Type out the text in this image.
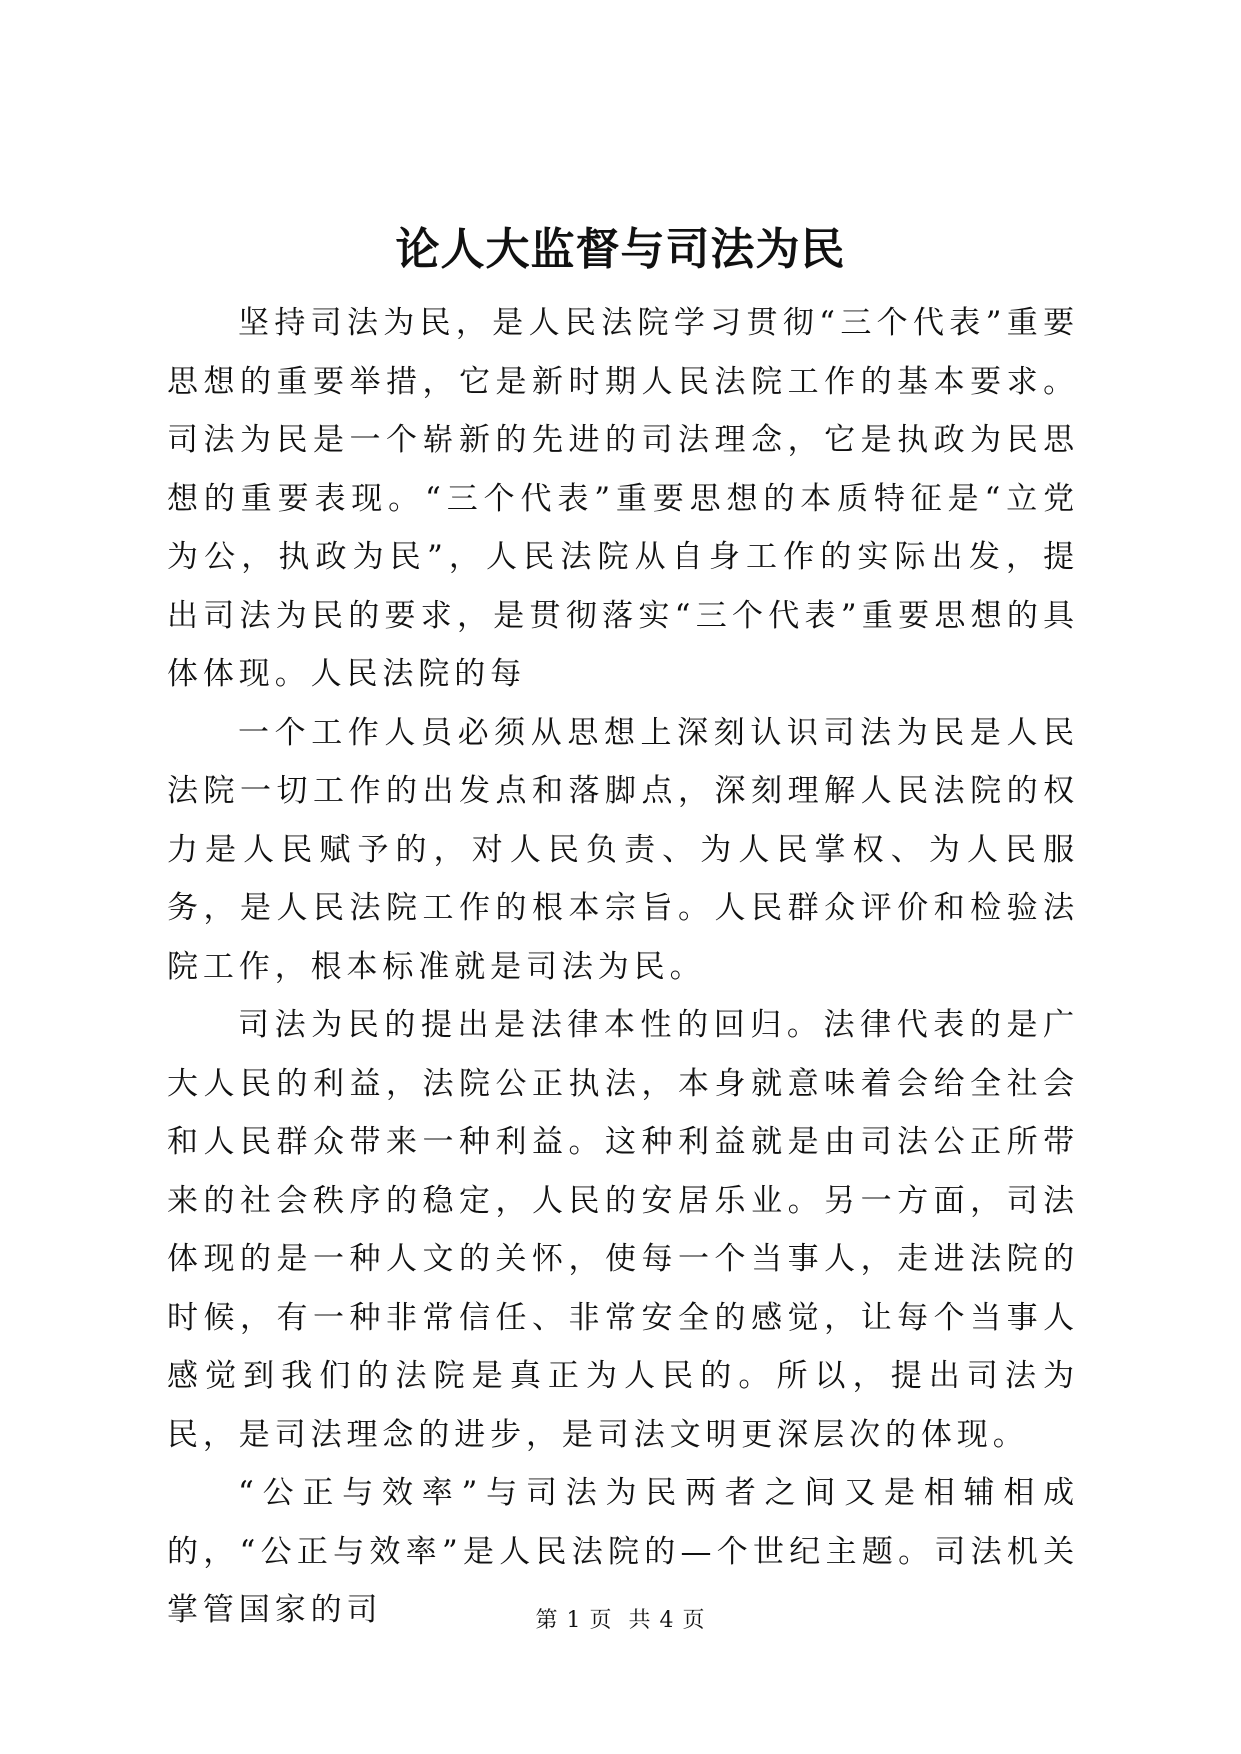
论人大监督与司法为民

坚持司法为民，是人民法院学习贯彻“三个代表”重要思想的重要举措，它是新时期人民法院工作的基本要求。司法为民是一个崭新的先进的司法理念，它是执政为民思想的重要表现。“三个代表”重要思想的本质特征是“立党为公，执政为民”，人民法院从自身工作的实际出发，提出司法为民的要求，是贯彻落实“三个代表”重要思想的具体体现。人民法院的每

一个工作人员必须从思想上深刻认识司法为民是人民法院一切工作的出发点和落脚点，深刻理解人民法院的权力是人民赋予的，对人民负责、为人民掌权、为人民服务，是人民法院工作的根本宗旨。人民群众评价和检验法院工作，根本标准就是司法为民。

司法为民的提出是法律本性的回归。法律代表的是广大人民的利益，法院公正执法，本身就意味着会给全社会和人民群众带来一种利益。这种利益就是由司法公正所带来的社会秩序的稳定，人民的安居乐业。另一方面，司法体现的是一种人文的关怀，使每一个当事人，走进法院的时候，有一种非常信任、非常安全的感觉，让每个当事人感觉到我们的法院是真正为人民的。所以，提出司法为民，是司法理念的进步，是司法文明更深层次的体现。

“公正与效率”与司法为民两者之间又是相辅相成的，“公正与效率”是人民法院的—个世纪主题。司法机关掌管国家的司	第 1 页 共 4 页
